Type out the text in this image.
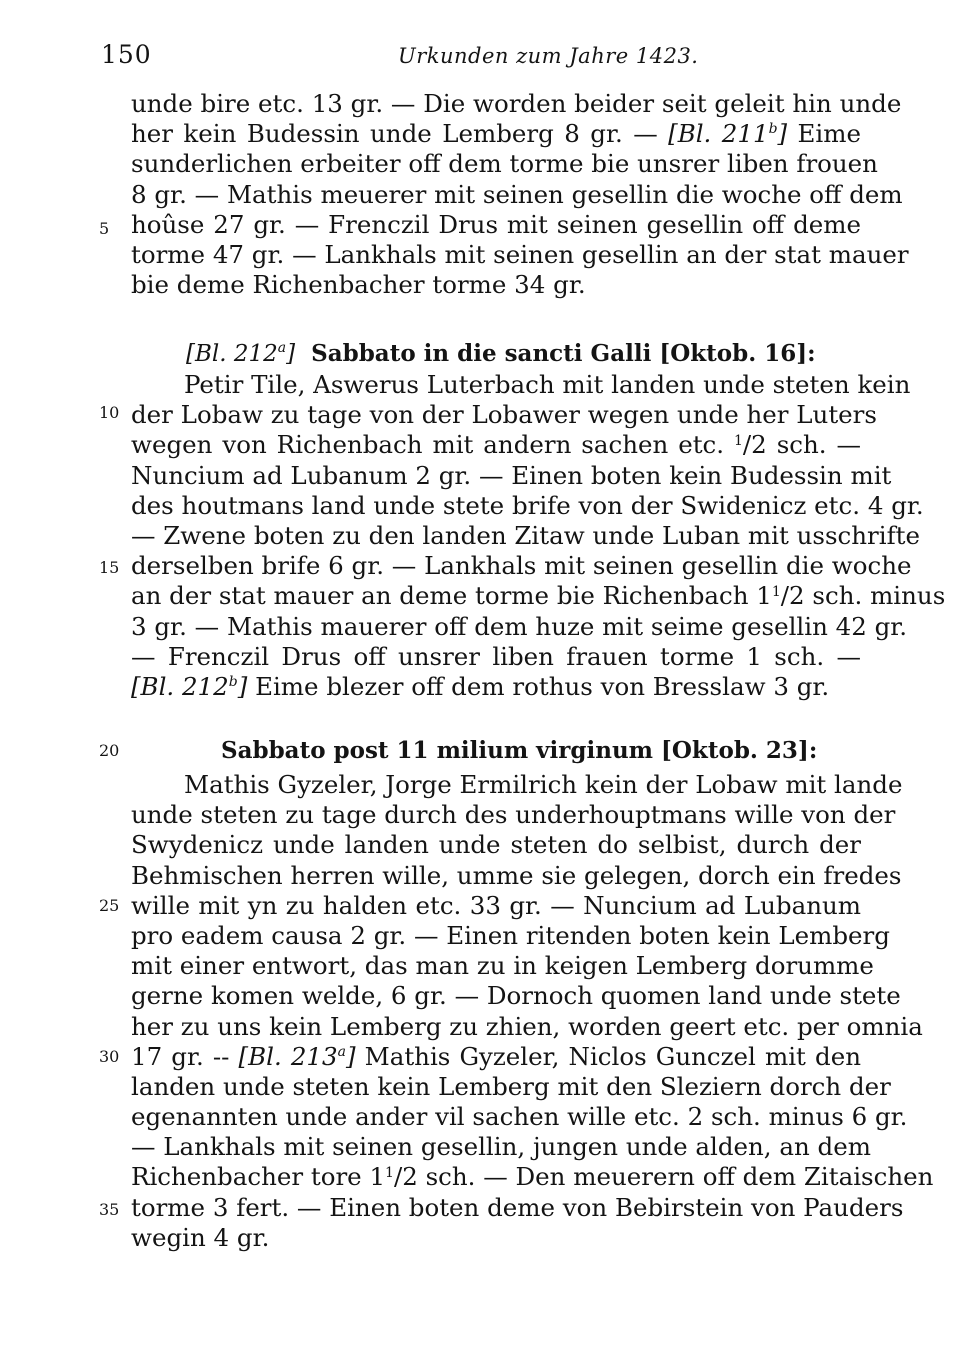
150	Urkunden zum Jahre 1423.
5
10
15
20
25
30
35
unde bire etc. 13 gr. — Die worden beider seit geleit hin unde
her kein Budessin unde Lemberg 8 gr. — [Bl. 211$^b$] Eime
sunderlichen erbeiter off dem torme bie unsrer liben frouen
8 gr. — Mathis meuerer mit seinen gesellin die woche off dem
hoûse 27 gr. — Frenczil Drus mit seinen gesellin off deme
torme 47 gr. — Lankhals mit seinen gesellin an der stat mauer
bie deme Richenbacher torme 34 gr.
[Bl. 212$^a$] Sabbato in die sancti Galli [Oktob. 16]:
Petir Tile, Aswerus Luterbach mit landen unde steten kein
der Lobaw zu tage von der Lobawer wegen unde her Luters
wegen von Richenbach mit andern sachen etc. $^1$/2 sch. —
Nuncium ad Lubanum 2 gr. — Einen boten kein Budessin mit
des houtmans land unde stete brife von der Swidenicz etc. 4 gr.
— Zwene boten zu den landen Zitaw unde Luban mit usschrifte
derselben brife 6 gr. — Lankhals mit seinen gesellin die woche
an der stat mauer an deme torme bie Richenbach $1^1/2$ sch. minus
3 gr. — Mathis mauerer off dem huze mit seime gesellin 42 gr.
— Frenczil Drus off unsrer liben frauen torme 1 sch. —
[Bl. 212$^b$] Eime blezer off dem rothus von Bresslaw 3 gr.
Sabbato post 11 milium virginum [Oktob. 23]:
Mathis Gyzeler, Jorge Ermilrich kein der Lobaw mit lande
unde steten zu tage durch des underhouptmans wille von der
Swydenicz unde landen unde steten do selbist, durch der
Behmischen herren wille, umme sie gelegen, dorch ein fredes
wille mit yn zu halden etc. 33 gr. — Nuncium ad Lubanum
pro eadem causa 2 gr. — Einen ritenden boten kein Lemberg
mit einer entwort, das man zu in keigen Lemberg dorumme
gerne komen welde, 6 gr. — Dornoch quomen land unde stete
her zu uns kein Lemberg zu zhien, worden geert etc. per omnia
17 gr. -- [Bl. 213$^a$] Mathis Gyzeler, Niclos Gunczel mit den
landen unde steten kein Lemberg mit den Sleziern dorch der
egenannten unde ander vil sachen wille etc. 2 sch. minus 6 gr.
— Lankhals mit seinen gesellin, jungen unde alden, an dem
Richenbacher tore $1^1/2$ sch. — Den meuerern off dem Zitaischen
torme 3 fert. — Einen boten deme von Bebirstein von Pauders
wegin 4 gr.
